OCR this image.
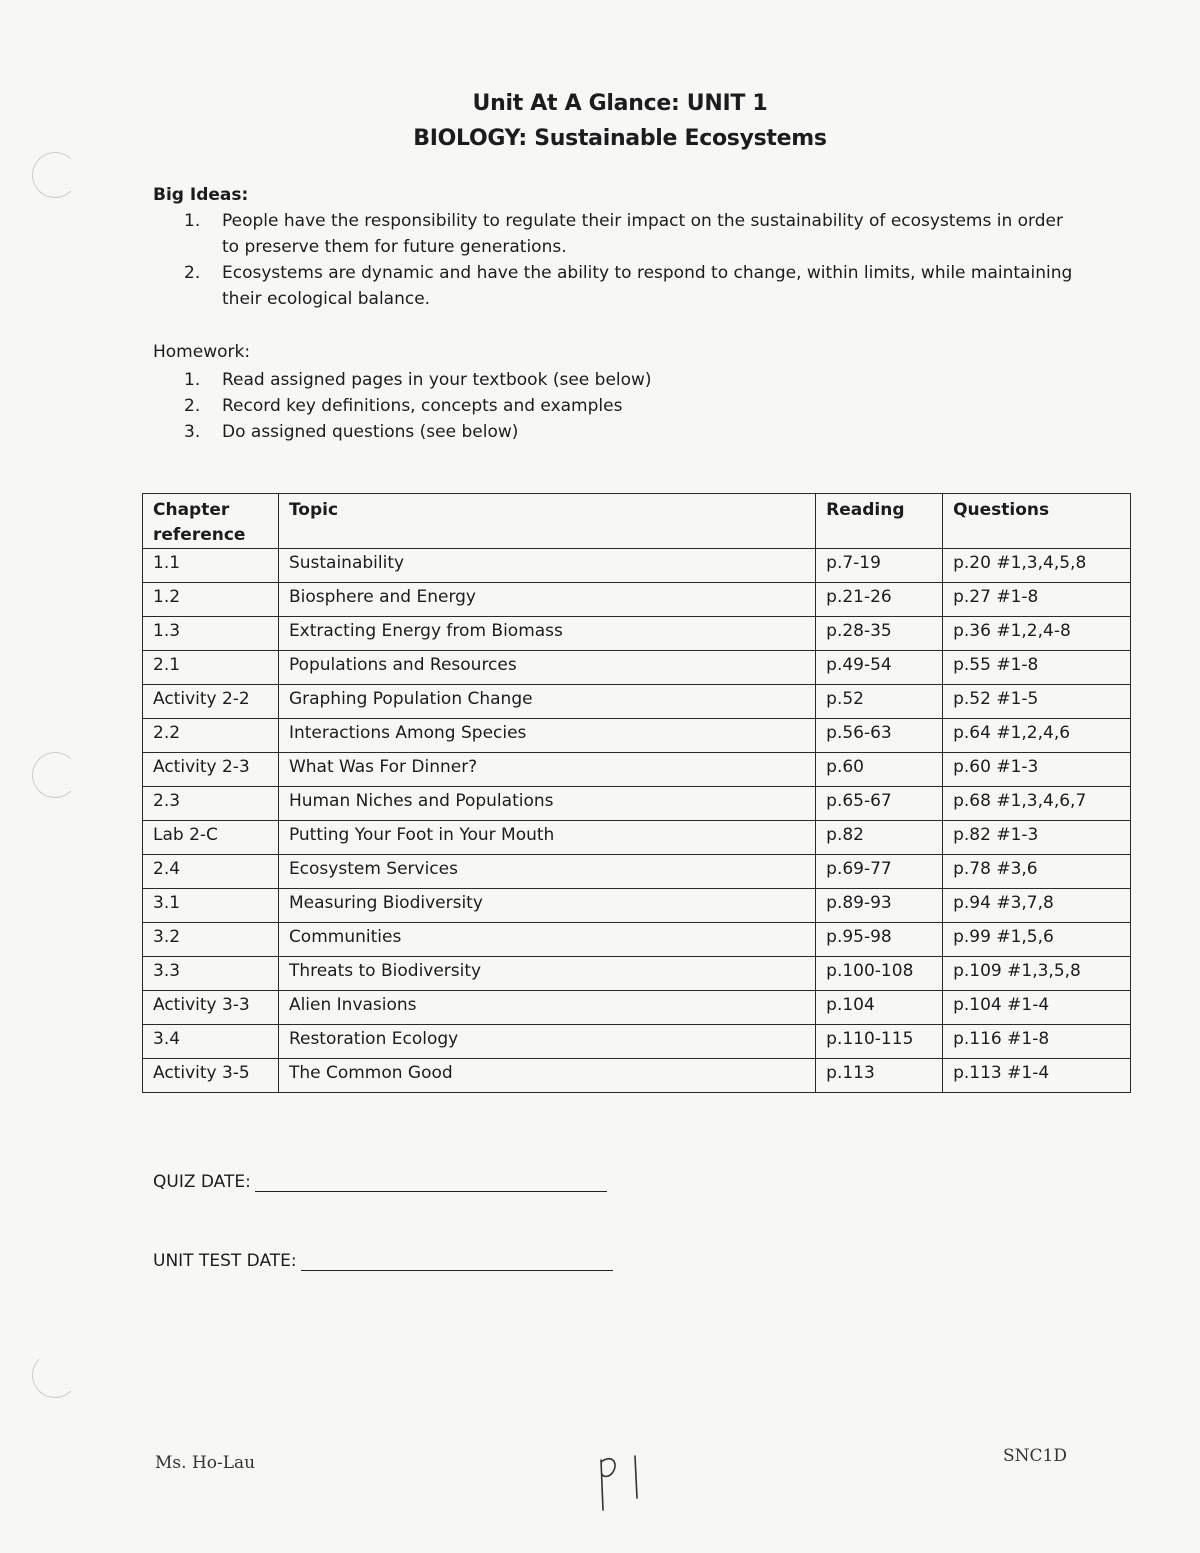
Unit At A Glance: UNIT 1
BIOLOGY: Sustainable Ecosystems
Big Ideas:
1. People have the responsibility to regulate their impact on the sustainability of ecosystems in order to preserve them for future generations.
2. Ecosystems are dynamic and have the ability to respond to change, within limits, while maintaining their ecological balance.
Homework:
1. Read assigned pages in your textbook (see below)
2. Record key definitions, concepts and examples
3. Do assigned questions (see below)
Chapter reference	Topic	Reading	Questions
1.1	Sustainability	p.7-19	p.20 #1,3,4,5,8
1.2	Biosphere and Energy	p.21-26	p.27 #1-8
1.3	Extracting Energy from Biomass	p.28-35	p.36 #1,2,4-8
2.1	Populations and Resources	p.49-54	p.55 #1-8
Activity 2-2	Graphing Population Change	p.52	p.52 #1-5
2.2	Interactions Among Species	p.56-63	p.64 #1,2,4,6
Activity 2-3	What Was For Dinner?	p.60	p.60 #1-3
2.3	Human Niches and Populations	p.65-67	p.68 #1,3,4,6,7
Lab 2-C	Putting Your Foot in Your Mouth	p.82	p.82 #1-3
2.4	Ecosystem Services	p.69-77	p.78 #3,6
3.1	Measuring Biodiversity	p.89-93	p.94 #3,7,8
3.2	Communities	p.95-98	p.99 #1,5,6
3.3	Threats to Biodiversity	p.100-108	p.109 #1,3,5,8
Activity 3-3	Alien Invasions	p.104	p.104 #1-4
3.4	Restoration Ecology	p.110-115	p.116 #1-8
Activity 3-5	The Common Good	p.113	p.113 #1-4
QUIZ DATE:
UNIT TEST DATE:
Ms. Ho-Lau	SNC1D
